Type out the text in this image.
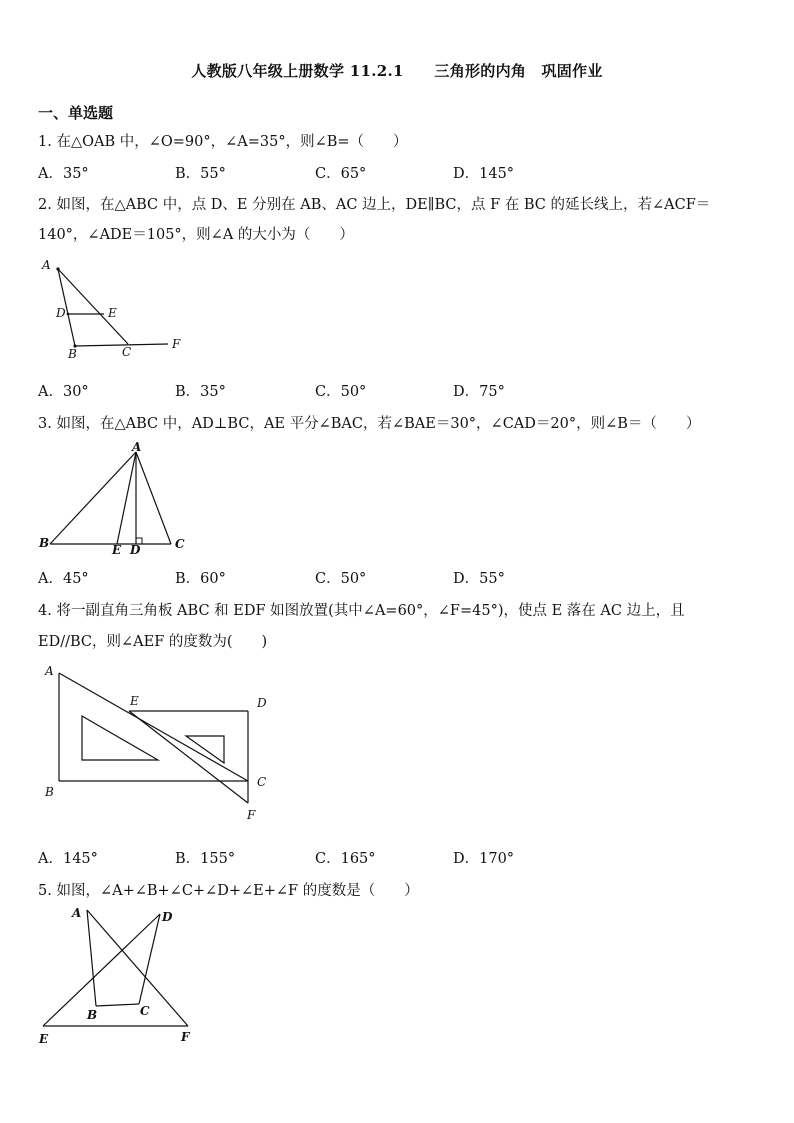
人教版八年级上册数学 11.2.1　　三角形的内角　巩固作业
一、单选题
1. 在△OAB 中，∠O=90°，∠A=35°，则∠B=（　　）
A．35°	B．55°	C．65°	D．145°
2. 如图，在△ABC 中，点 D、E 分别在 AB、AC 边上，DE∥BC，点 F 在 BC 的延长线上，若∠ACF＝
140°，∠ADE＝105°，则∠A 的大小为（　　）
A
D	E
B	C
F
A．30°	B．35°	C．50°	D．75°
3. 如图，在△ABC 中，AD⊥BC，AE 平分∠BAC，若∠BAE＝30°，∠CAD＝20°，则∠B＝（　　）
A
B	E D	C
A．45°	B．60°	C．50°	D．55°
4. 将一副直角三角板 ABC 和 EDF 如图放置(其中∠A=60°，∠F=45°)，使点 E 落在 AC 边上，且
ED//BC，则∠AEF 的度数为(　　)
A
E	D
B
C
F
A．145°	B．155°	C．165°	D．170°
5. 如图，∠A+∠B+∠C+∠D+∠E+∠F 的度数是（　　）
A	D
B	C
E	F
